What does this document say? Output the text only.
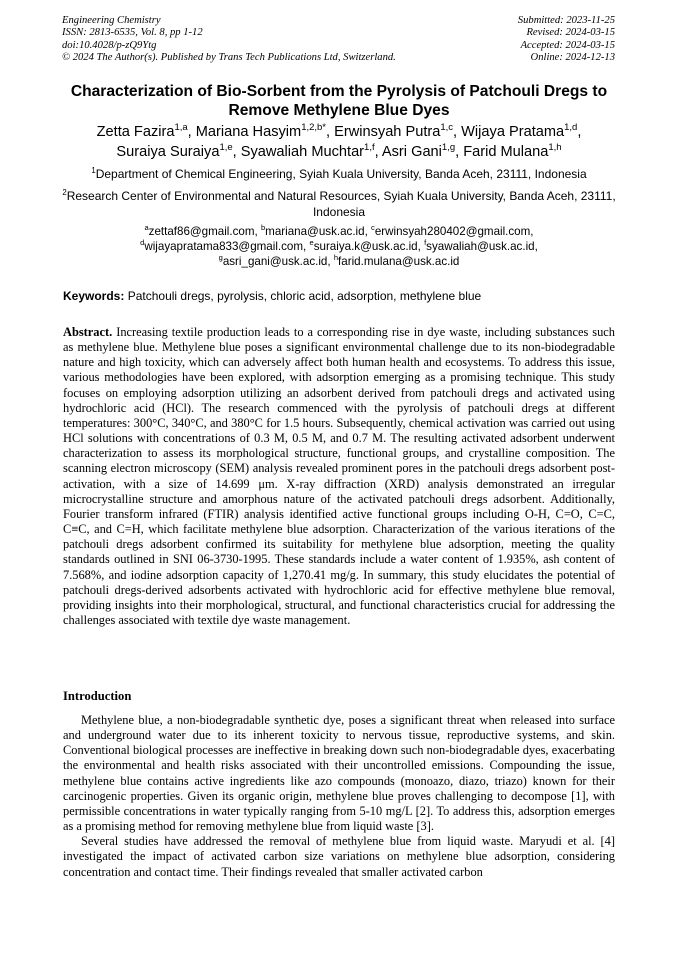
Engineering Chemistry
ISSN: 2813-6535, Vol. 8, pp 1-12
doi:10.4028/p-zQ9Ytg
© 2024 The Author(s). Published by Trans Tech Publications Ltd, Switzerland.
Submitted: 2023-11-25
Revised: 2024-03-15
Accepted: 2024-03-15
Online: 2024-12-13
Characterization of Bio-Sorbent from the Pyrolysis of Patchouli Dregs to
Remove Methylene Blue Dyes
Zetta Fazira$^{1,a}$, Mariana Hasyim$^{1,2,b*}$, Erwinsyah Putra$^{1,c}$, Wijaya Pratama$^{1,d}$,
Suraiya Suraiya$^{1,e}$, Syawaliah Muchtar$^{1,f}$, Asri Gani$^{1,g}$, Farid Mulana$^{1,h}$
$^1$Department of Chemical Engineering, Syiah Kuala University, Banda Aceh, 23111, Indonesia
$^2$Research Center of Environmental and Natural Resources, Syiah Kuala University, Banda Aceh, 23111, Indonesia
$^a$zettaf86@gmail.com, $^b$mariana@usk.ac.id, $^c$erwinsyah280402@gmail.com,
$^d$wijayapratama833@gmail.com, $^e$suraiya.k@usk.ac.id, $^f$syawaliah@usk.ac.id,
$^g$asri_gani@usk.ac.id, $^h$farid.mulana@usk.ac.id
Keywords: Patchouli dregs, pyrolysis, chloric acid, adsorption, methylene blue
Abstract. Increasing textile production leads to a corresponding rise in dye waste, including substances such as methylene blue. Methylene blue poses a significant environmental challenge due to its non-biodegradable nature and high toxicity, which can adversely affect both human health and ecosystems. To address this issue, various methodologies have been explored, with adsorption emerging as a promising technique. This study focuses on employing adsorption utilizing an adsorbent derived from patchouli dregs and activated using hydrochloric acid (HCl). The research commenced with the pyrolysis of patchouli dregs at different temperatures: 300°C, 340°C, and 380°C for 1.5 hours. Subsequently, chemical activation was carried out using HCl solutions with concentrations of 0.3 M, 0.5 M, and 0.7 M. The resulting activated adsorbent underwent characterization to assess its morphological structure, functional groups, and crystalline composition. The scanning electron microscopy (SEM) analysis revealed prominent pores in the patchouli dregs adsorbent post-activation, with a size of 14.699 μm. X-ray diffraction (XRD) analysis demonstrated an irregular microcrystalline structure and amorphous nature of the activated patchouli dregs adsorbent. Additionally, Fourier transform infrared (FTIR) analysis identified active functional groups including O-H, C=O, C=C, C≡C, and C=H, which facilitate methylene blue adsorption. Characterization of the various iterations of the patchouli dregs adsorbent confirmed its suitability for methylene blue adsorption, meeting the quality standards outlined in SNI 06-3730-1995. These standards include a water content of 1.935%, ash content of 7.568%, and iodine adsorption capacity of 1,270.41 mg/g. In summary, this study elucidates the potential of patchouli dregs-derived adsorbents activated with hydrochloric acid for effective methylene blue removal, providing insights into their morphological, structural, and functional characteristics crucial for addressing the challenges associated with textile dye waste management.
Introduction

Methylene blue, a non-biodegradable synthetic dye, poses a significant threat when released into surface and underground water due to its inherent toxicity to nervous tissue, reproductive systems, and skin. Conventional biological processes are ineffective in breaking down such non-biodegradable dyes, exacerbating the environmental and health risks associated with their uncontrolled emissions. Compounding the issue, methylene blue contains active ingredients like azo compounds (monoazo, diazo, triazo) known for their carcinogenic properties. Given its organic origin, methylene blue proves challenging to decompose [1], with permissible concentrations in water typically ranging from 5-10 mg/L [2]. To address this, adsorption emerges as a promising method for removing methylene blue from liquid waste [3].

Several studies have addressed the removal of methylene blue from liquid waste. Maryudi et al. [4] investigated the impact of activated carbon size variations on methylene blue adsorption, considering concentration and contact time. Their findings revealed that smaller activated carbon
